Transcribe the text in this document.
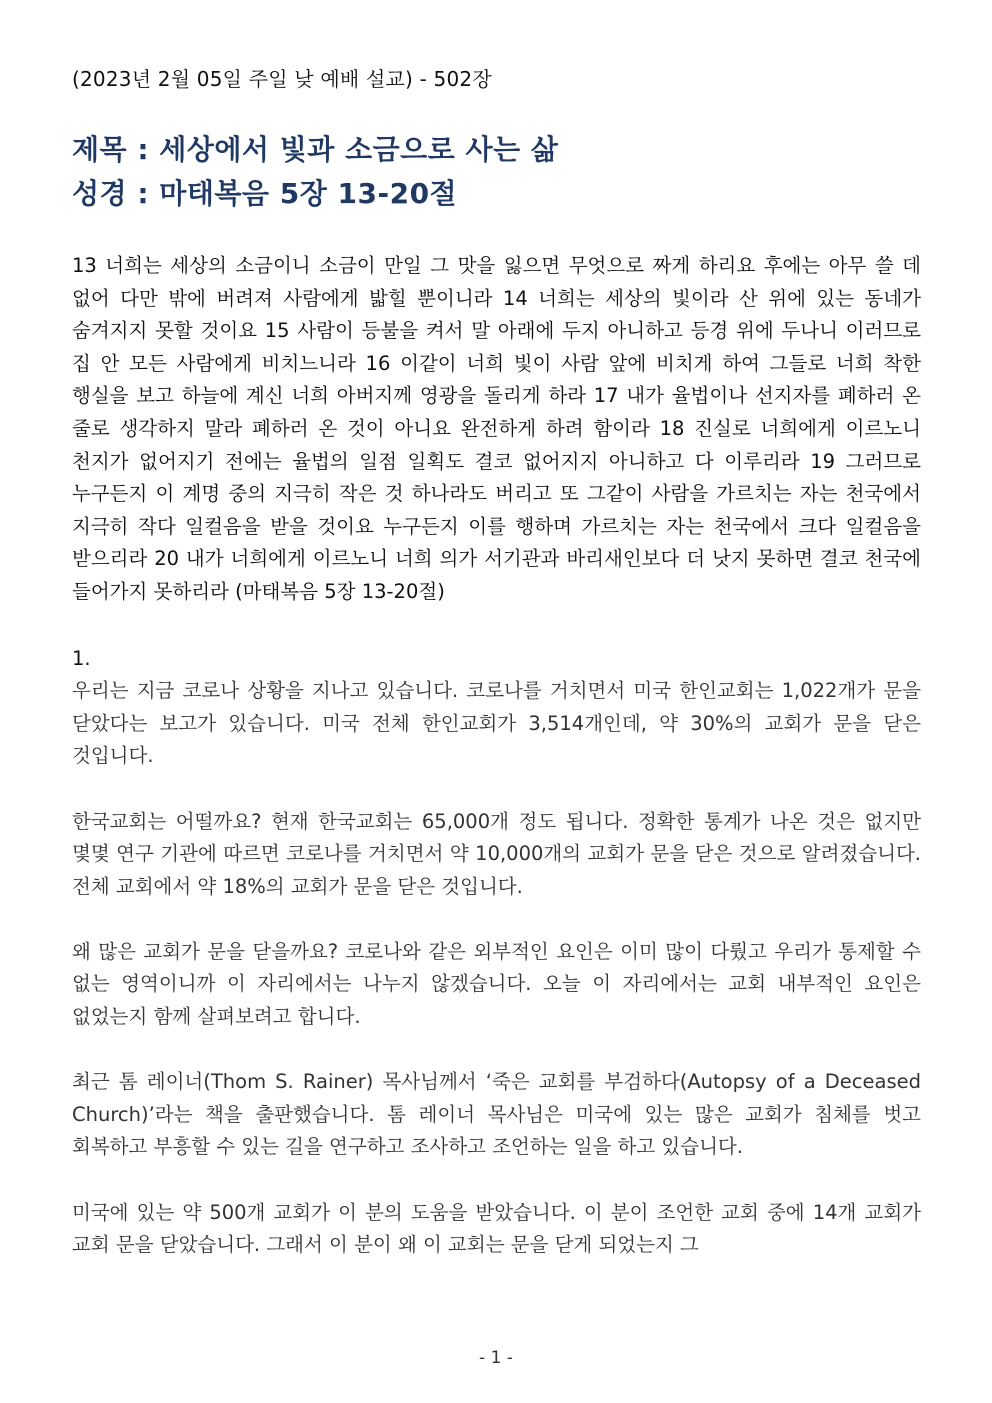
(2023년 2월 05일 주일 낮 예배 설교) - 502장

제목 : 세상에서 빛과 소금으로 사는 삶
성경 : 마태복음 5장 13-20절

13 너희는 세상의 소금이니 소금이 만일 그 맛을 잃으면 무엇으로 짜게 하리요 후에는 아무 쓸 데 없어 다만 밖에 버려져 사람에게 밟힐 뿐이니라 14 너희는 세상의 빛이라 산 위에 있는 동네가 숨겨지지 못할 것이요 15 사람이 등불을 켜서 말 아래에 두지 아니하고 등경 위에 두나니 이러므로 집 안 모든 사람에게 비치느니라 16 이같이 너희 빛이 사람 앞에 비치게 하여 그들로 너희 착한 행실을 보고 하늘에 계신 너희 아버지께 영광을 돌리게 하라 17 내가 율법이나 선지자를 폐하러 온 줄로 생각하지 말라 폐하러 온 것이 아니요 완전하게 하려 함이라 18 진실로 너희에게 이르노니 천지가 없어지기 전에는 율법의 일점 일획도 결코 없어지지 아니하고 다 이루리라 19 그러므로 누구든지 이 계명 중의 지극히 작은 것 하나라도 버리고 또 그같이 사람을 가르치는 자는 천국에서 지극히 작다 일컬음을 받을 것이요 누구든지 이를 행하며 가르치는 자는 천국에서 크다 일컬음을 받으리라 20 내가 너희에게 이르노니 너희 의가 서기관과 바리새인보다 더 낫지 못하면 결코 천국에 들어가지 못하리라 (마태복음 5장 13-20절)

1.

우리는 지금 코로나 상황을 지나고 있습니다. 코로나를 거치면서 미국 한인교회는 1,022개가 문을 닫았다는 보고가 있습니다. 미국 전체 한인교회가 3,514개인데, 약 30%의 교회가 문을 닫은 것입니다.

한국교회는 어떨까요? 현재 한국교회는 65,000개 정도 됩니다. 정확한 통계가 나온 것은 없지만 몇몇 연구 기관에 따르면 코로나를 거치면서 약 10,000개의 교회가 문을 닫은 것으로 알려졌습니다. 전체 교회에서 약 18%의 교회가 문을 닫은 것입니다.

왜 많은 교회가 문을 닫을까요? 코로나와 같은 외부적인 요인은 이미 많이 다뤘고 우리가 통제할 수 없는 영역이니까 이 자리에서는 나누지 않겠습니다. 오늘 이 자리에서는 교회 내부적인 요인은 없었는지 함께 살펴보려고 합니다.

최근 톰 레이너(Thom S. Rainer) 목사님께서 ‘죽은 교회를 부검하다(Autopsy of a Deceased Church)’라는 책을 출판했습니다. 톰 레이너 목사님은 미국에 있는 많은 교회가 침체를 벗고 회복하고 부흥할 수 있는 길을 연구하고 조사하고 조언하는 일을 하고 있습니다.

미국에 있는 약 500개 교회가 이 분의 도움을 받았습니다. 이 분이 조언한 교회 중에 14개 교회가 교회 문을 닫았습니다. 그래서 이 분이 왜 이 교회는 문을 닫게 되었는지 그

- 1 -
